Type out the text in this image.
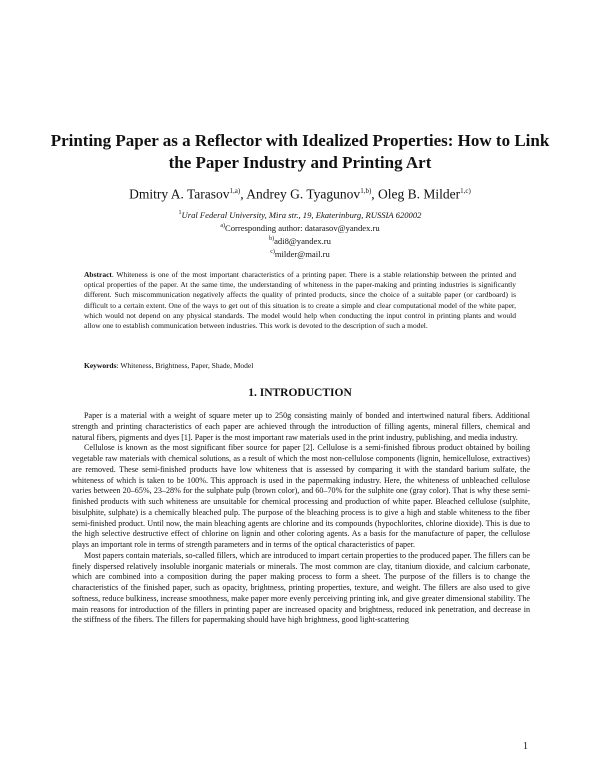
Printing Paper as a Reflector with Idealized Properties: How to Link the Paper Industry and Printing Art
Dmitry A. Tarasov$^{1,a)}$, Andrey G. Tyagunov$^{1,b)}$, Oleg B. Milder$^{1,c)}$
$^1$Ural Federal University, Mira str., 19, Ekaterinburg, RUSSIA 620002
$^{a)}$Corresponding author: datarasov@yandex.ru
$^{b)}$adi8@yandex.ru
$^{c)}$milder@mail.ru

Abstract. Whiteness is one of the most important characteristics of a printing paper. There is a stable relationship between the printed and optical properties of the paper. At the same time, the understanding of whiteness in the paper-making and printing industries is significantly different. Such miscommunication negatively affects the quality of printed products, since the choice of a suitable paper (or cardboard) is difficult to a certain extent. One of the ways to get out of this situation is to create a simple and clear computational model of the white paper, which would not depend on any physical standards. The model would help when conducting the input control in printing plants and would allow one to establish communication between industries. This work is devoted to the description of such a model.

Keywords: Whiteness, Brightness, Paper, Shade, Model

1. INTRODUCTION

Paper is a material with a weight of square meter up to 250g consisting mainly of bonded and intertwined natural fibers. Additional strength and printing characteristics of each paper are achieved through the introduction of filling agents, mineral fillers, chemical and natural fibers, pigments and dyes [1]. Paper is the most important raw materials used in the print industry, publishing, and media industry.

Cellulose is known as the most significant fiber source for paper [2]. Cellulose is a semi-finished fibrous product obtained by boiling vegetable raw materials with chemical solutions, as a result of which the most non-cellulose components (lignin, hemicellulose, extractives) are removed. These semi-finished products have low whiteness that is assessed by comparing it with the standard barium sulfate, the whiteness of which is taken to be 100%. This approach is used in the papermaking industry. Here, the whiteness of unbleached cellulose varies between 20–65%, 23–28% for the sulphate pulp (brown color), and 60–70% for the sulphite one (gray color). That is why these semi-finished products with such whiteness are unsuitable for chemical processing and production of white paper. Bleached cellulose (sulphite, bisulphite, sulphate) is a chemically bleached pulp. The purpose of the bleaching process is to give a high and stable whiteness to the fiber semi-finished product. Until now, the main bleaching agents are chlorine and its compounds (hypochlorites, chlorine dioxide). This is due to the high selective destructive effect of chlorine on lignin and other coloring agents. As a basis for the manufacture of paper, the cellulose plays an important role in terms of strength parameters and in terms of the optical characteristics of paper.

Most papers contain materials, so-called fillers, which are introduced to impart certain properties to the produced paper. The fillers can be finely dispersed relatively insoluble inorganic materials or minerals. The most common are clay, titanium dioxide, and calcium carbonate, which are combined into a composition during the paper making process to form a sheet. The purpose of the fillers is to change the characteristics of the finished paper, such as opacity, brightness, printing properties, texture, and weight. The fillers are also used to give softness, reduce bulkiness, increase smoothness, make paper more evenly perceiving printing ink, and give greater dimensional stability. The main reasons for introduction of the fillers in printing paper are increased opacity and brightness, reduced ink penetration, and decrease in the stiffness of the fibers. The fillers for papermaking should have high brightness, good light-scattering

1
